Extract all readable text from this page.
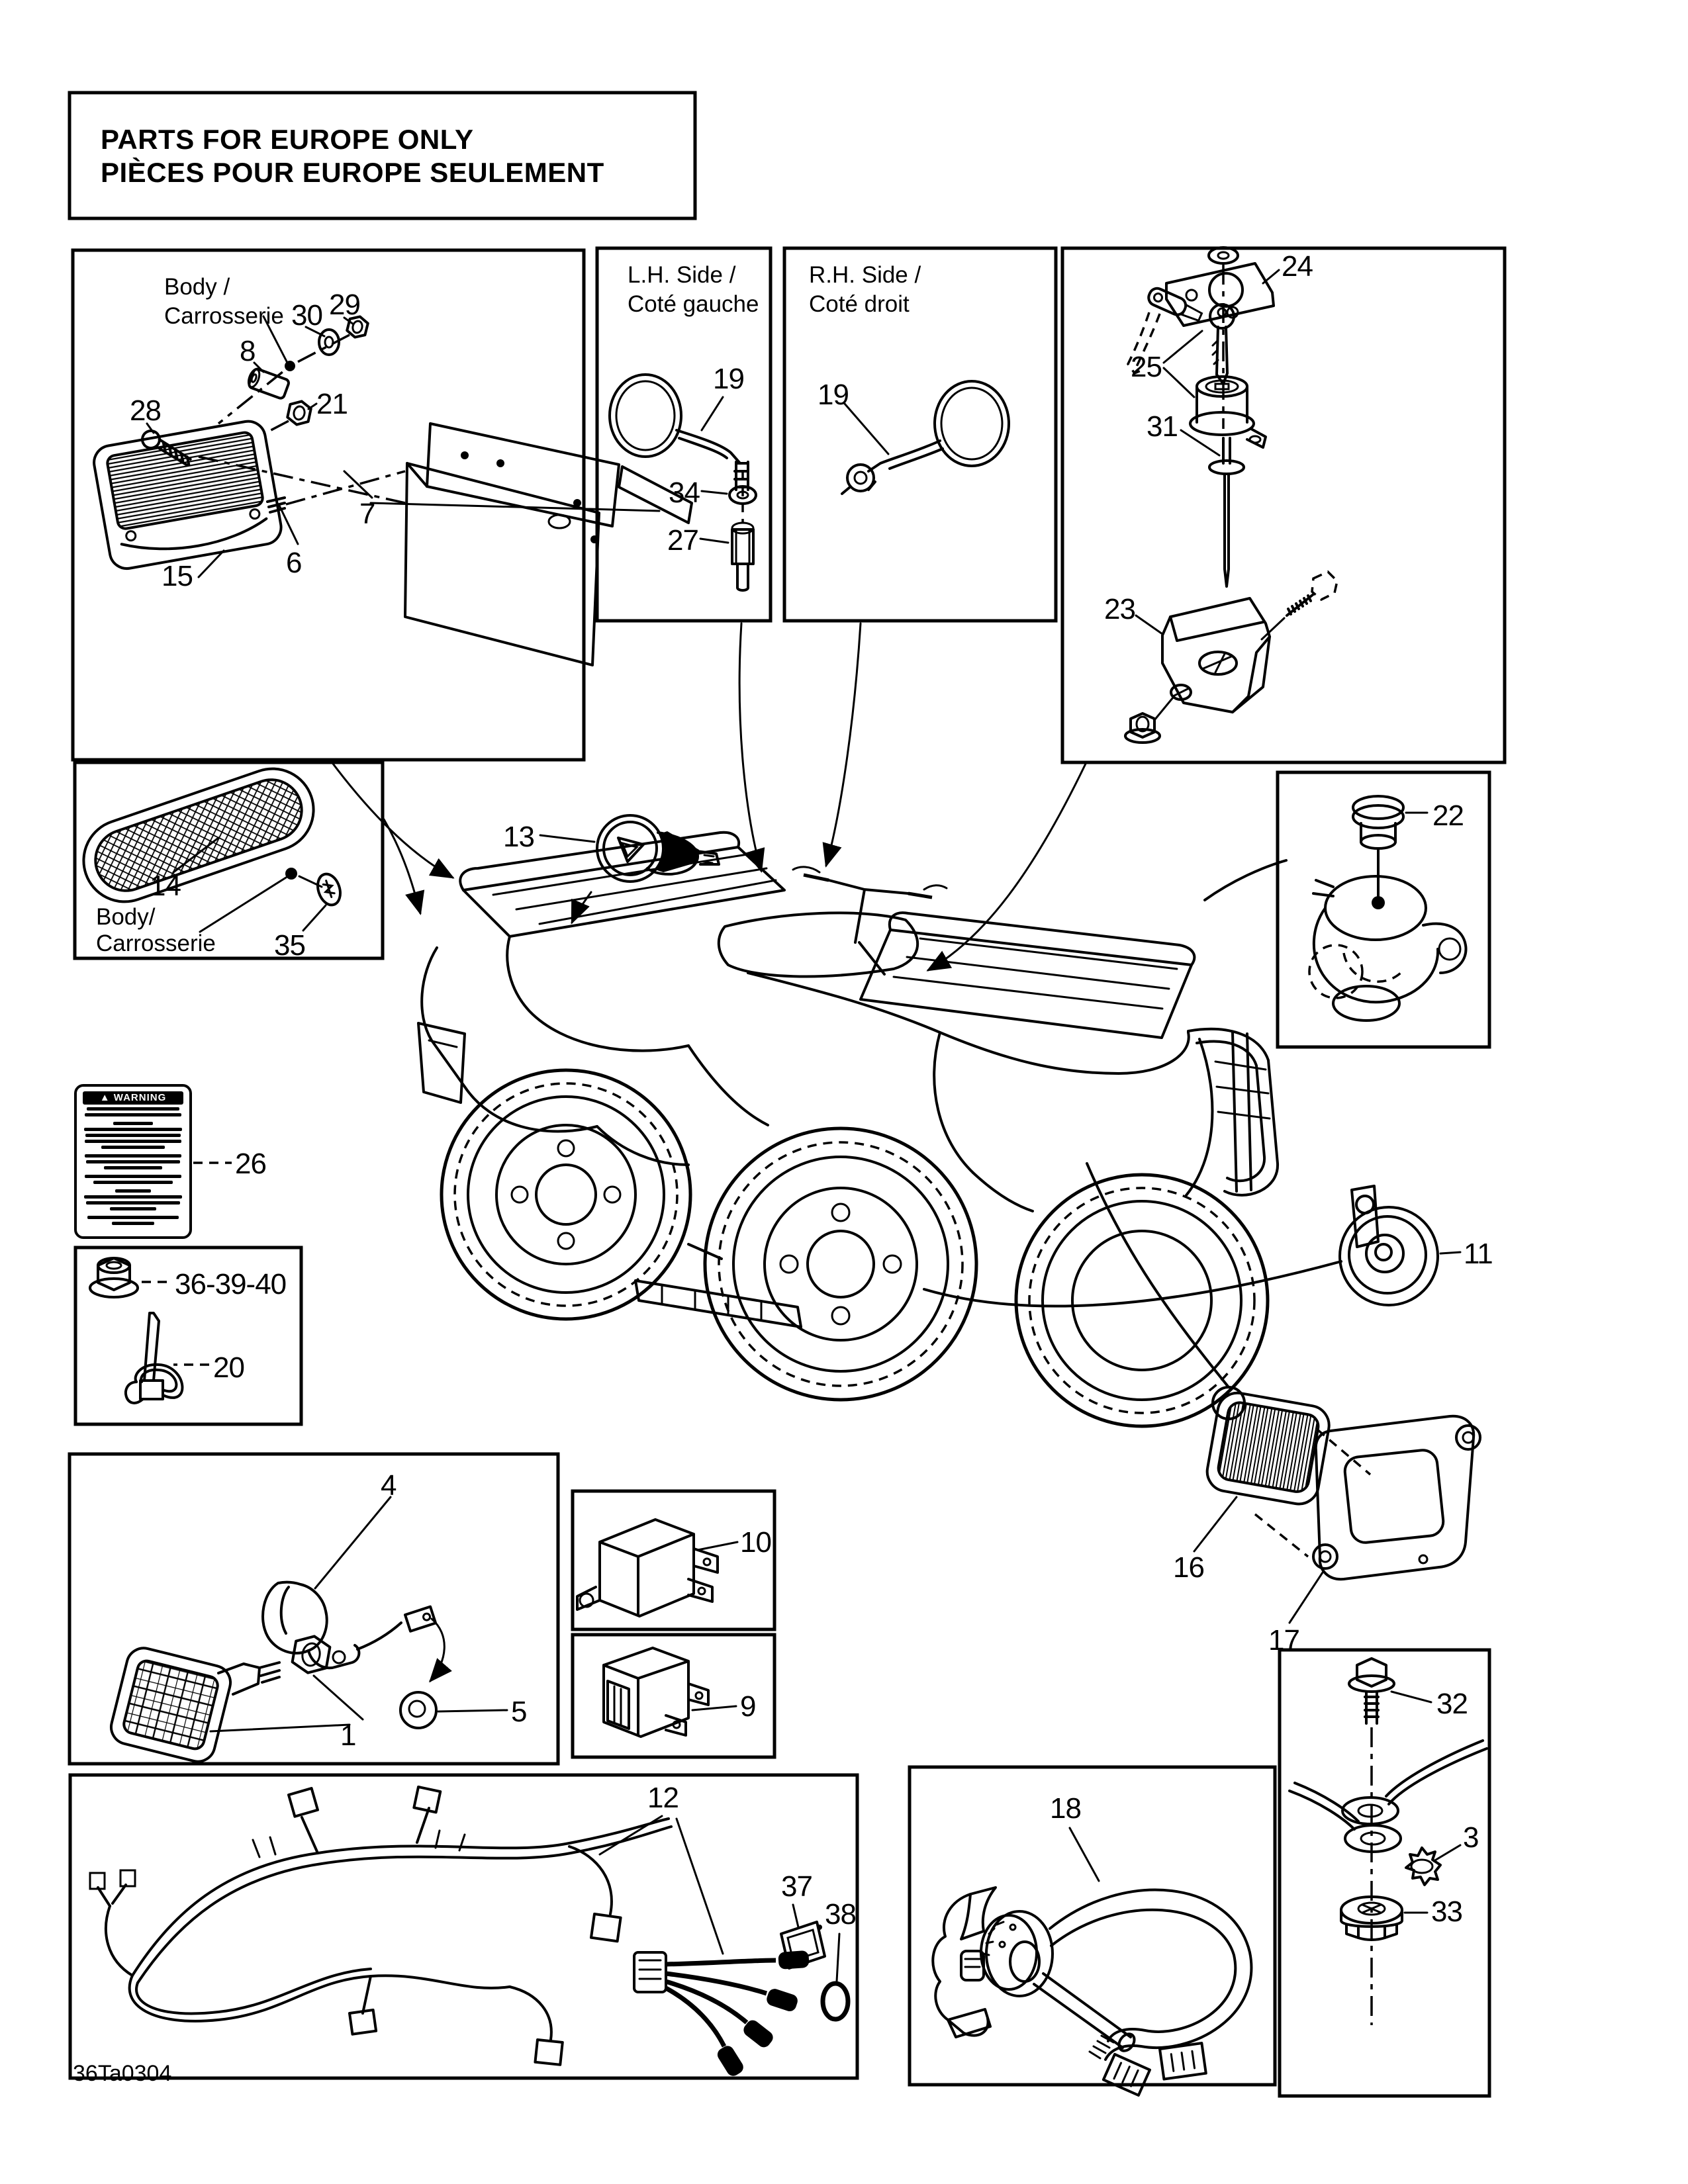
PARTS FOR EUROPE ONLY
PIÈCES POUR EUROPE SEULEMENT
Body /
Carrosserie
L.H. Side /
Coté gauche
R.H. Side /
Coté droit
Body/
Carrosserie
▲ WARNING
29
30
8
21
28
7
15	6
19
34
27
19
24
25
31
23
22
14
35
26
36-39-40
20
4
5
1
10
9
13
11
16
17
12
37
38
18
32
3
33
36Ta0304
